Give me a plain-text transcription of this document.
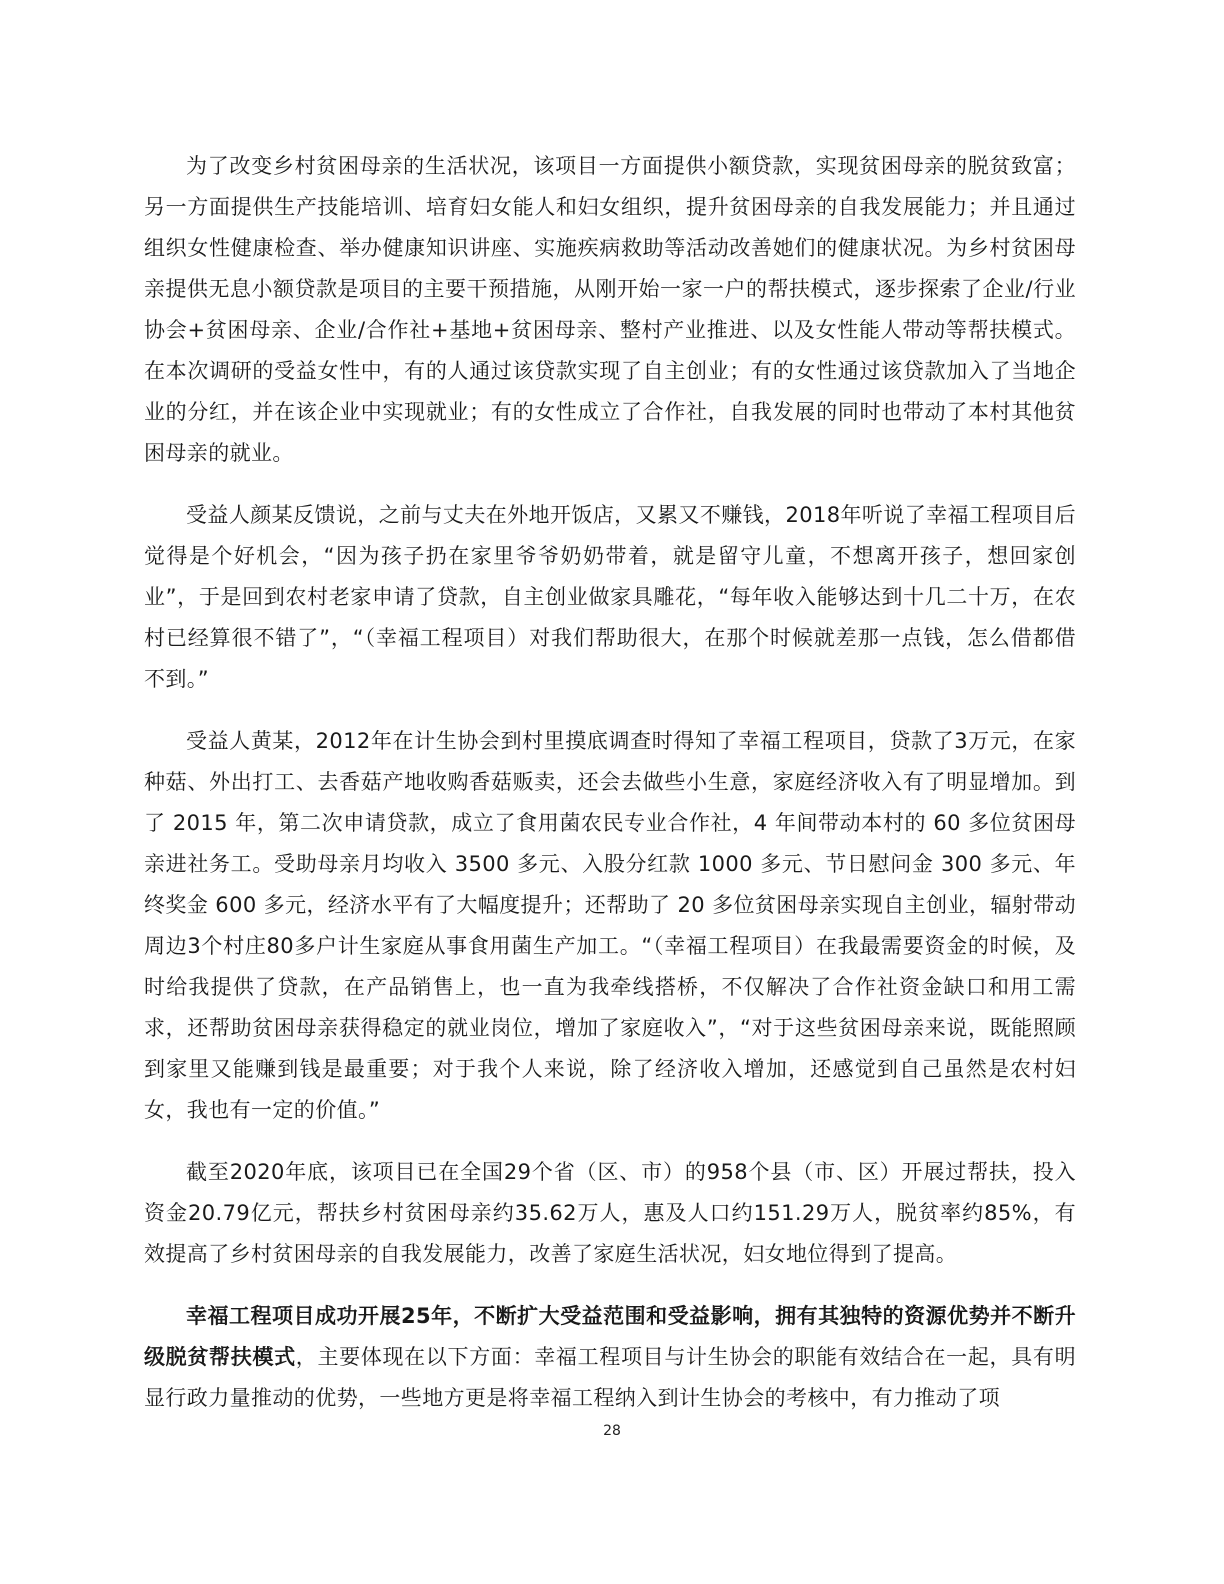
为了改变乡村贫困母亲的生活状况，该项目一方面提供小额贷款，实现贫困母亲的脱贫致富；另一方面提供生产技能培训、培育妇女能人和妇女组织，提升贫困母亲的自我发展能力；并且通过组织女性健康检查、举办健康知识讲座、实施疾病救助等活动改善她们的健康状况。为乡村贫困母亲提供无息小额贷款是项目的主要干预措施，从刚开始一家一户的帮扶模式，逐步探索了企业/行业协会+贫困母亲、企业/合作社+基地+贫困母亲、整村产业推进、以及女性能人带动等帮扶模式。在本次调研的受益女性中，有的人通过该贷款实现了自主创业；有的女性通过该贷款加入了当地企业的分红，并在该企业中实现就业；有的女性成立了合作社，自我发展的同时也带动了本村其他贫困母亲的就业。

受益人颜某反馈说，之前与丈夫在外地开饭店，又累又不赚钱，2018年听说了幸福工程项目后觉得是个好机会，“因为孩子扔在家里爷爷奶奶带着，就是留守儿童，不想离开孩子，想回家创业”，于是回到农村老家申请了贷款，自主创业做家具雕花，“每年收入能够达到十几二十万，在农村已经算很不错了”，“（幸福工程项目）对我们帮助很大，在那个时候就差那一点钱，怎么借都借不到。”

受益人黄某，2012年在计生协会到村里摸底调查时得知了幸福工程项目，贷款了3万元，在家种菇、外出打工、去香菇产地收购香菇贩卖，还会去做些小生意，家庭经济收入有了明显增加。到了 2015 年，第二次申请贷款，成立了食用菌农民专业合作社，4 年间带动本村的 60 多位贫困母亲进社务工。受助母亲月均收入 3500 多元、入股分红款 1000 多元、节日慰问金 300 多元、年终奖金 600 多元，经济水平有了大幅度提升；还帮助了 20 多位贫困母亲实现自主创业，辐射带动周边3个村庄80多户计生家庭从事食用菌生产加工。“（幸福工程项目）在我最需要资金的时候，及时给我提供了贷款，在产品销售上，也一直为我牵线搭桥，不仅解决了合作社资金缺口和用工需求，还帮助贫困母亲获得稳定的就业岗位，增加了家庭收入”，“对于这些贫困母亲来说，既能照顾到家里又能赚到钱是最重要；对于我个人来说，除了经济收入增加，还感觉到自己虽然是农村妇女，我也有一定的价值。”

截至2020年底，该项目已在全国29个省（区、市）的958个县（市、区）开展过帮扶，投入资金20.79亿元，帮扶乡村贫困母亲约35.62万人，惠及人口约151.29万人，脱贫率约85%，有效提高了乡村贫困母亲的自我发展能力，改善了家庭生活状况，妇女地位得到了提高。

幸福工程项目成功开展25年，不断扩大受益范围和受益影响，拥有其独特的资源优势并不断升级脱贫帮扶模式，主要体现在以下方面：幸福工程项目与计生协会的职能有效结合在一起，具有明显行政力量推动的优势，一些地方更是将幸福工程纳入到计生协会的考核中，有力推动了项

28
